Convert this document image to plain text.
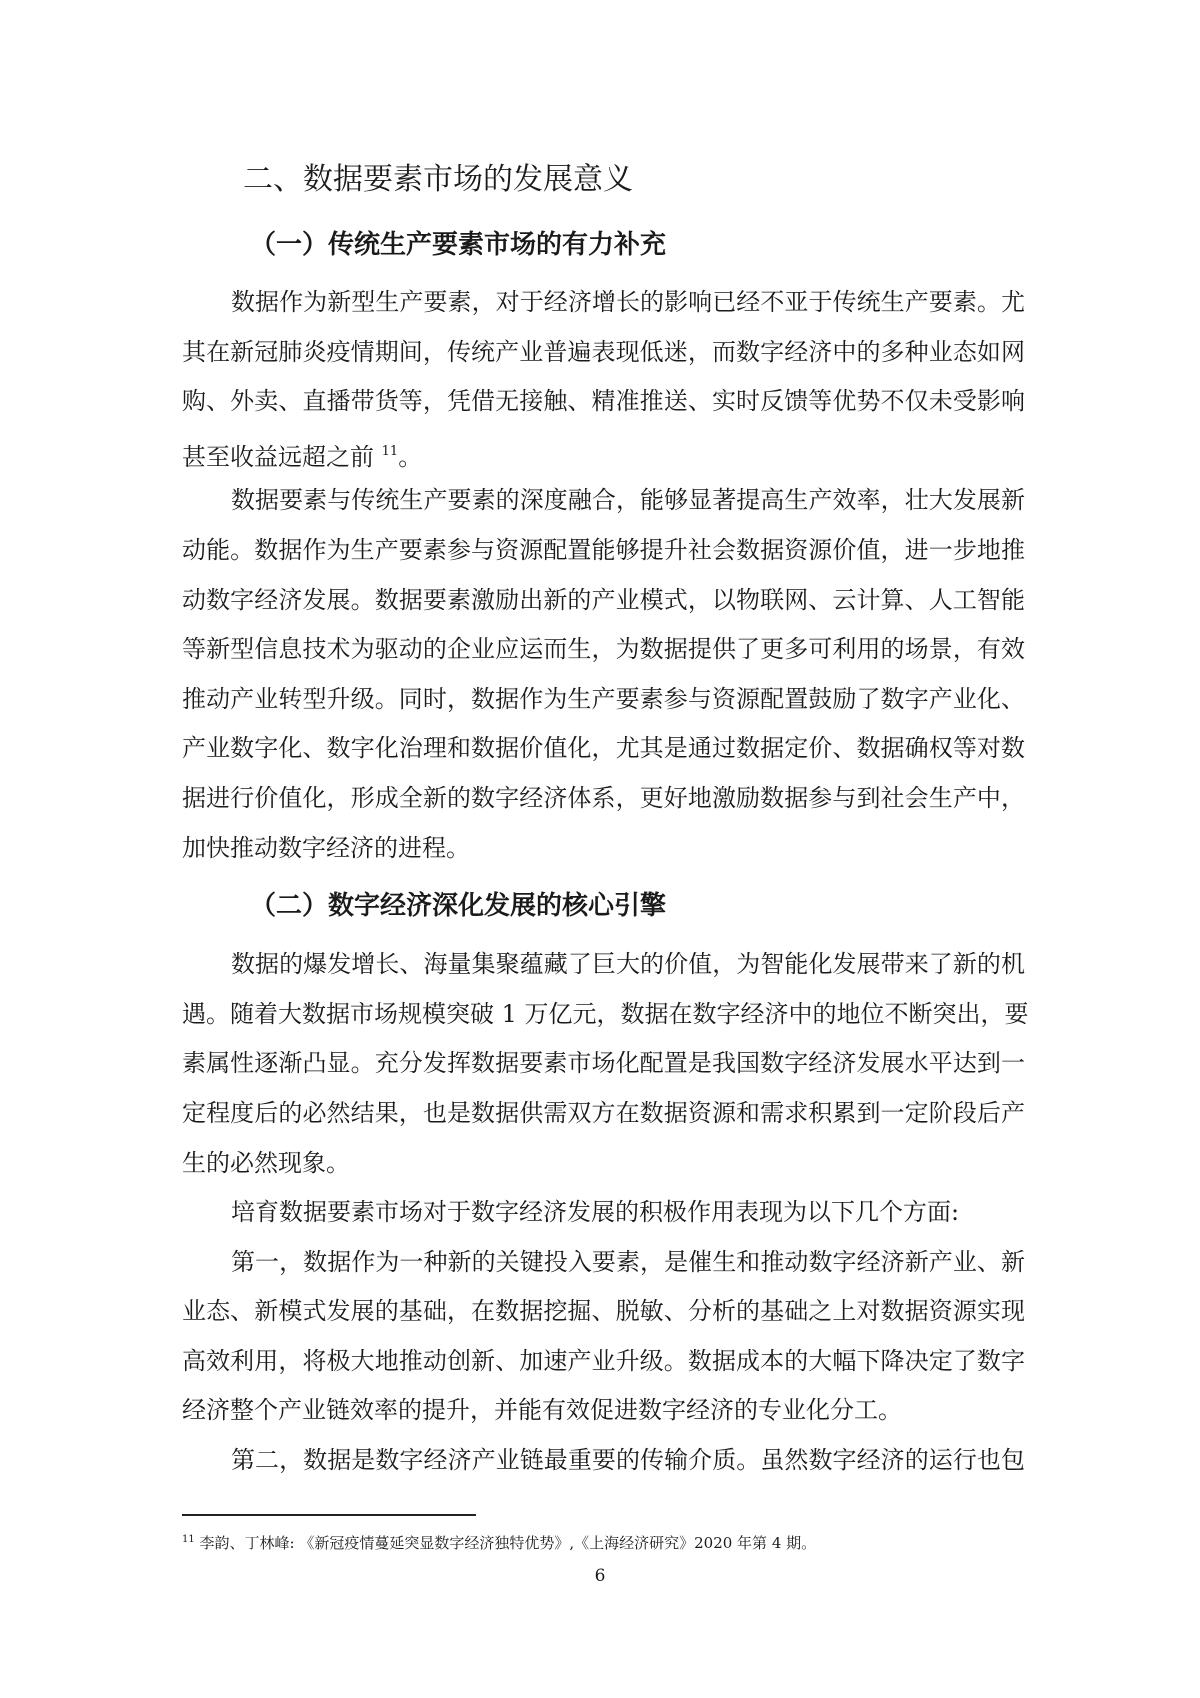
二、数据要素市场的发展意义
（一）传统生产要素市场的有力补充
数据作为新型生产要素，对于经济增长的影响已经不亚于传统生产要素。尤
其在新冠肺炎疫情期间，传统产业普遍表现低迷，而数字经济中的多种业态如网
购、外卖、直播带货等，凭借无接触、精准推送、实时反馈等优势不仅未受影响
甚至收益远超之前 $^{11}$。
数据要素与传统生产要素的深度融合，能够显著提高生产效率，壮大发展新
动能。数据作为生产要素参与资源配置能够提升社会数据资源价值，进一步地推
动数字经济发展。数据要素激励出新的产业模式，以物联网、云计算、人工智能
等新型信息技术为驱动的企业应运而生，为数据提供了更多可利用的场景，有效
推动产业转型升级。同时，数据作为生产要素参与资源配置鼓励了数字产业化、
产业数字化、数字化治理和数据价值化，尤其是通过数据定价、数据确权等对数
据进行价值化，形成全新的数字经济体系，更好地激励数据参与到社会生产中，
加快推动数字经济的进程。
（二）数字经济深化发展的核心引擎
数据的爆发增长、海量集聚蕴藏了巨大的价值，为智能化发展带来了新的机
遇。随着大数据市场规模突破 1 万亿元，数据在数字经济中的地位不断突出，要
素属性逐渐凸显。充分发挥数据要素市场化配置是我国数字经济发展水平达到一
定程度后的必然结果，也是数据供需双方在数据资源和需求积累到一定阶段后产
生的必然现象。
培育数据要素市场对于数字经济发展的积极作用表现为以下几个方面:
第一，数据作为一种新的关键投入要素，是催生和推动数字经济新产业、新
业态、新模式发展的基础，在数据挖掘、脱敏、分析的基础之上对数据资源实现
高效利用，将极大地推动创新、加速产业升级。数据成本的大幅下降决定了数字
经济整个产业链效率的提升，并能有效促进数字经济的专业化分工。
第二，数据是数字经济产业链最重要的传输介质。虽然数字经济的运行也包
$^{11}$ 李韵、丁林峰: 《新冠疫情蔓延突显数字经济独特优势》,《上海经济研究》2020 年第 4 期。
6
